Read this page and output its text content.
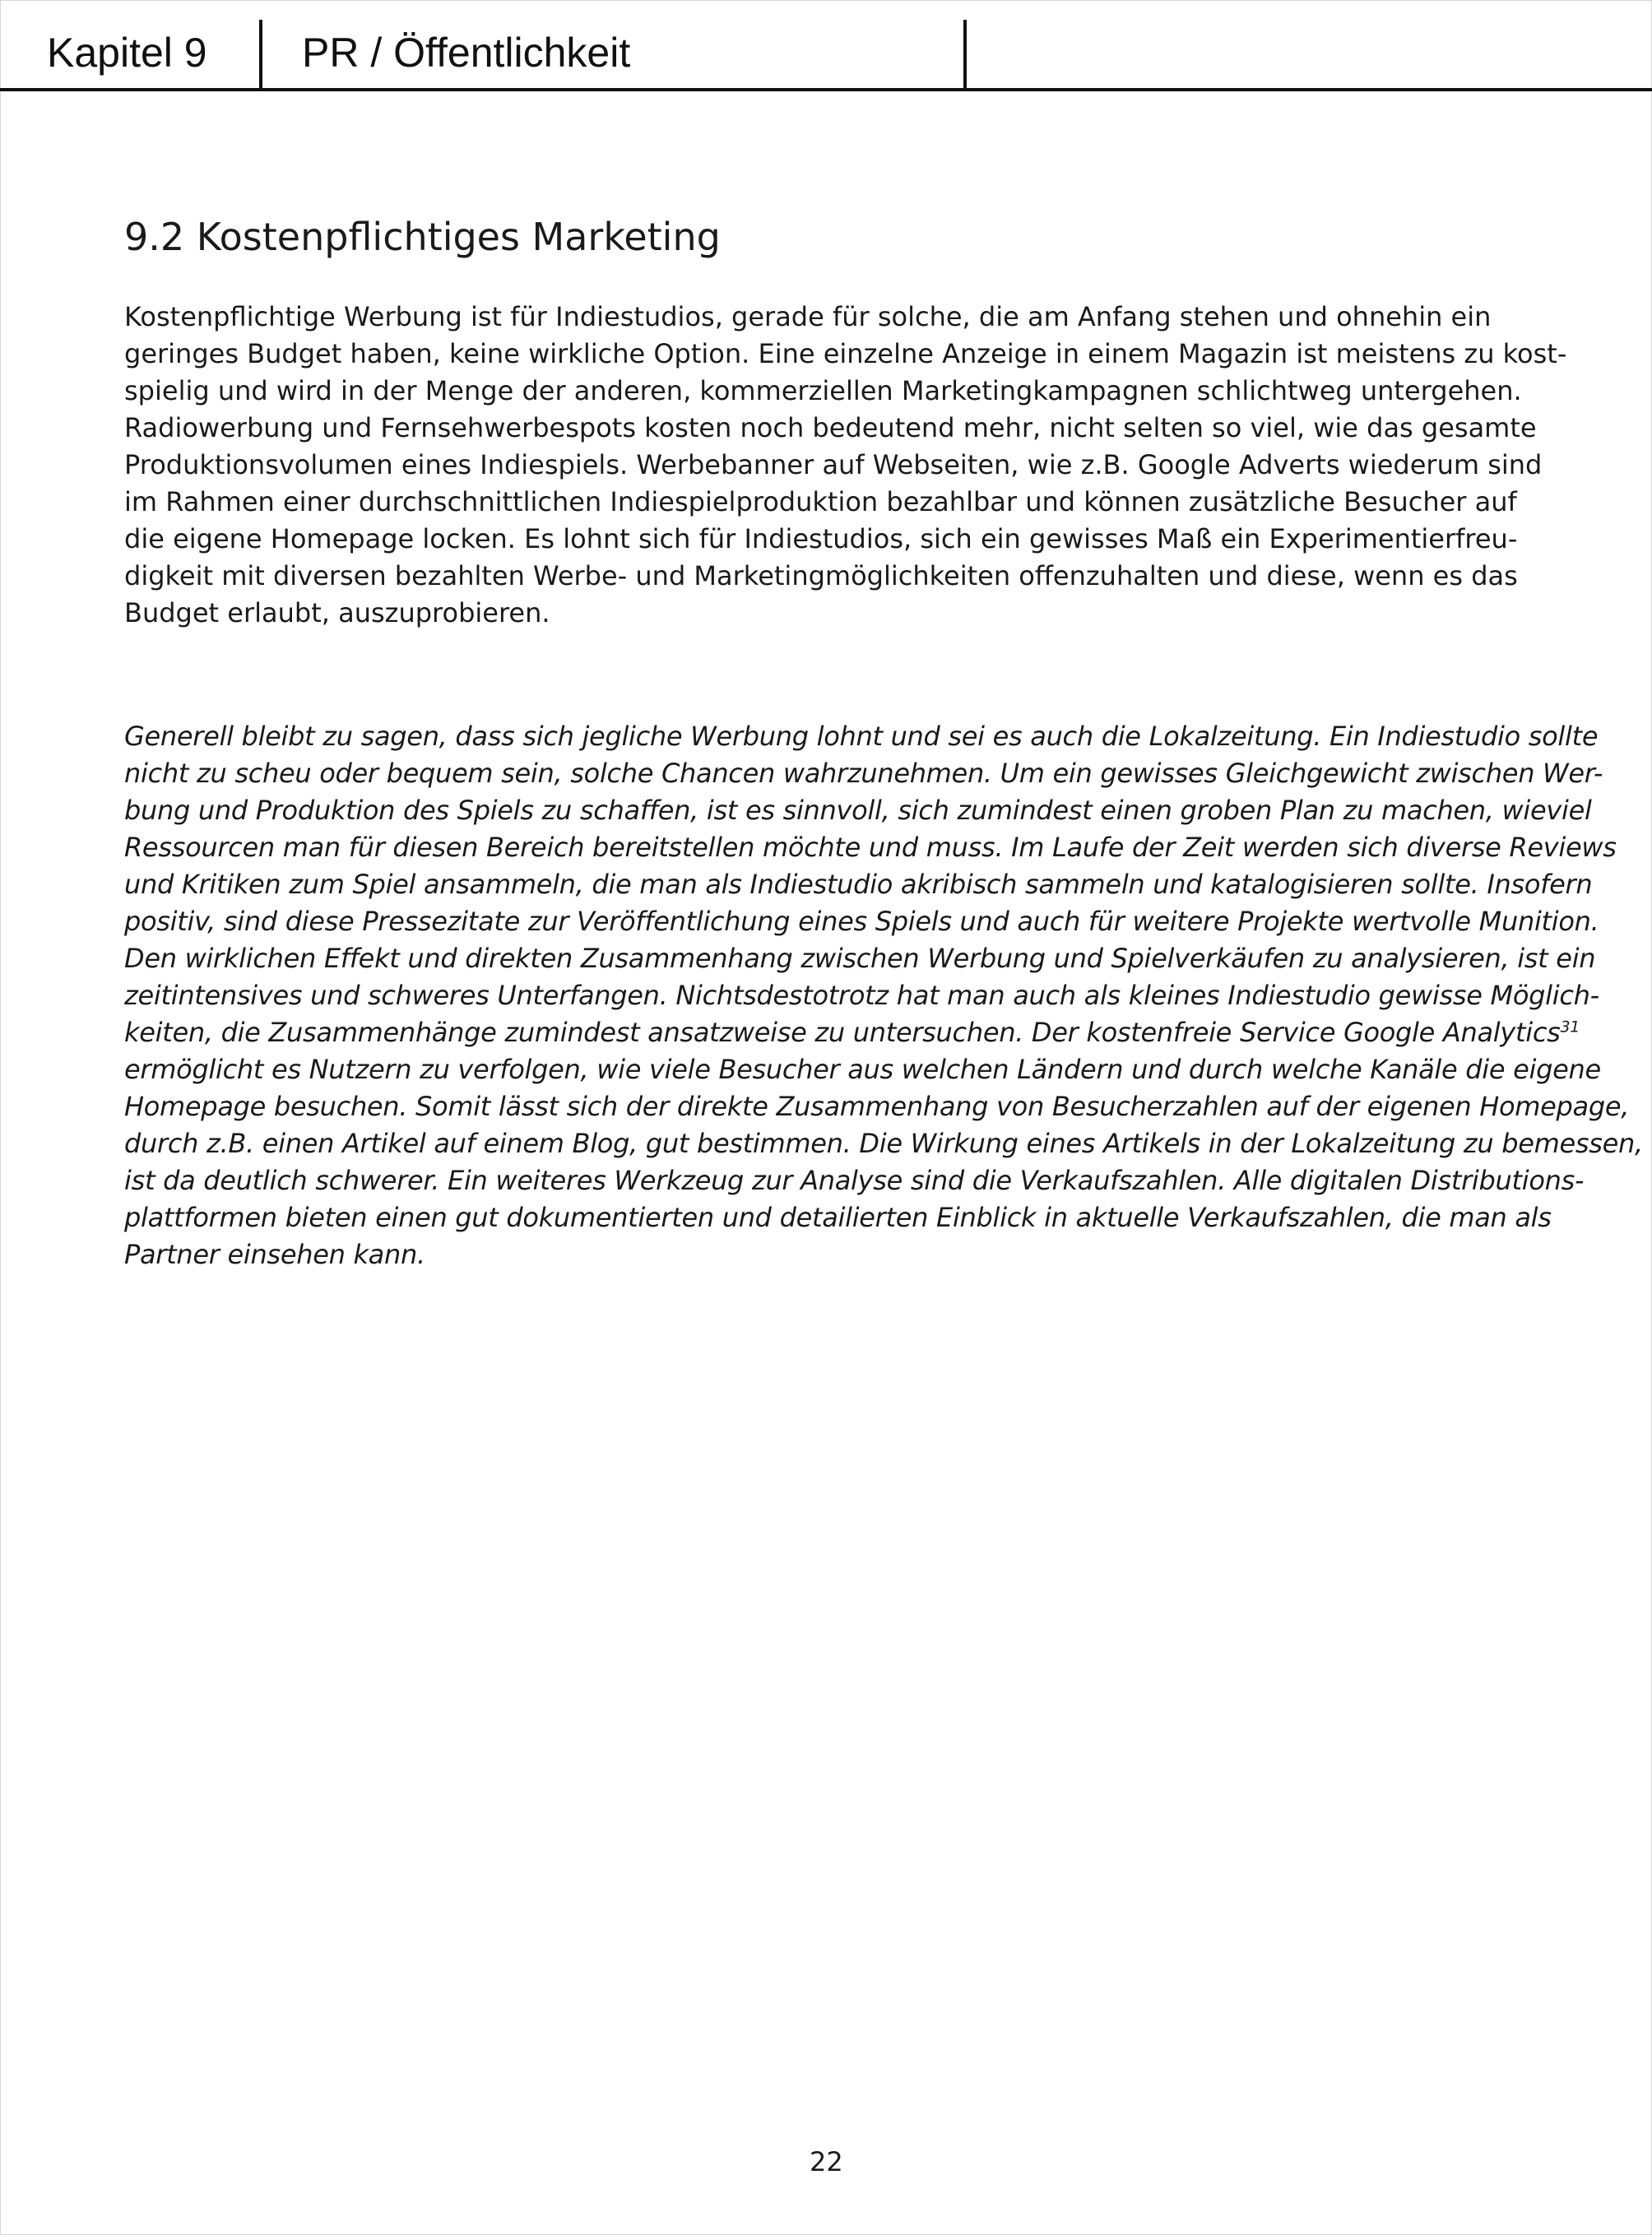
Kapitel 9 PR / Öffentlichkeit
9.2 Kostenpflichtiges Marketing

Kostenpflichtige Werbung ist für Indiestudios, gerade für solche, die am Anfang stehen und ohnehin ein
geringes Budget haben, keine wirkliche Option. Eine einzelne Anzeige in einem Magazin ist meistens zu kost-
spielig und wird in der Menge der anderen, kommerziellen Marketingkampagnen schlichtweg untergehen.
Radiowerbung und Fernsehwerbespots kosten noch bedeutend mehr, nicht selten so viel, wie das gesamte
Produktionsvolumen eines Indiespiels. Werbebanner auf Webseiten, wie z.B. Google Adverts wiederum sind
im Rahmen einer durchschnittlichen Indiespielproduktion bezahlbar und können zusätzliche Besucher auf
die eigene Homepage locken. Es lohnt sich für Indiestudios, sich ein gewisses Maß ein Experimentierfreu-
digkeit mit diversen bezahlten Werbe- und Marketingmöglichkeiten offenzuhalten und diese, wenn es das
Budget erlaubt, auszuprobieren.

Generell bleibt zu sagen, dass sich jegliche Werbung lohnt und sei es auch die Lokalzeitung. Ein Indiestudio sollte
nicht zu scheu oder bequem sein, solche Chancen wahrzunehmen. Um ein gewisses Gleichgewicht zwischen Wer-
bung und Produktion des Spiels zu schaffen, ist es sinnvoll, sich zumindest einen groben Plan zu machen, wieviel
Ressourcen man für diesen Bereich bereitstellen möchte und muss. Im Laufe der Zeit werden sich diverse Reviews
und Kritiken zum Spiel ansammeln, die man als Indiestudio akribisch sammeln und katalogisieren sollte. Insofern
positiv, sind diese Pressezitate zur Veröffentlichung eines Spiels und auch für weitere Projekte wertvolle Munition.
Den wirklichen Effekt und direkten Zusammenhang zwischen Werbung und Spielverkäufen zu analysieren, ist ein
zeitintensives und schweres Unterfangen. Nichtsdestotrotz hat man auch als kleines Indiestudio gewisse Möglich-
keiten, die Zusammenhänge zumindest ansatzweise zu untersuchen. Der kostenfreie Service Google Analytics$^{31}$
ermöglicht es Nutzern zu verfolgen, wie viele Besucher aus welchen Ländern und durch welche Kanäle die eigene
Homepage besuchen. Somit lässt sich der direkte Zusammenhang von Besucherzahlen auf der eigenen Homepage,
durch z.B. einen Artikel auf einem Blog, gut bestimmen. Die Wirkung eines Artikels in der Lokalzeitung zu bemessen,
ist da deutlich schwerer. Ein weiteres Werkzeug zur Analyse sind die Verkaufszahlen. Alle digitalen Distributions-
plattformen bieten einen gut dokumentierten und detailierten Einblick in aktuelle Verkaufszahlen, die man als
Partner einsehen kann.

22
